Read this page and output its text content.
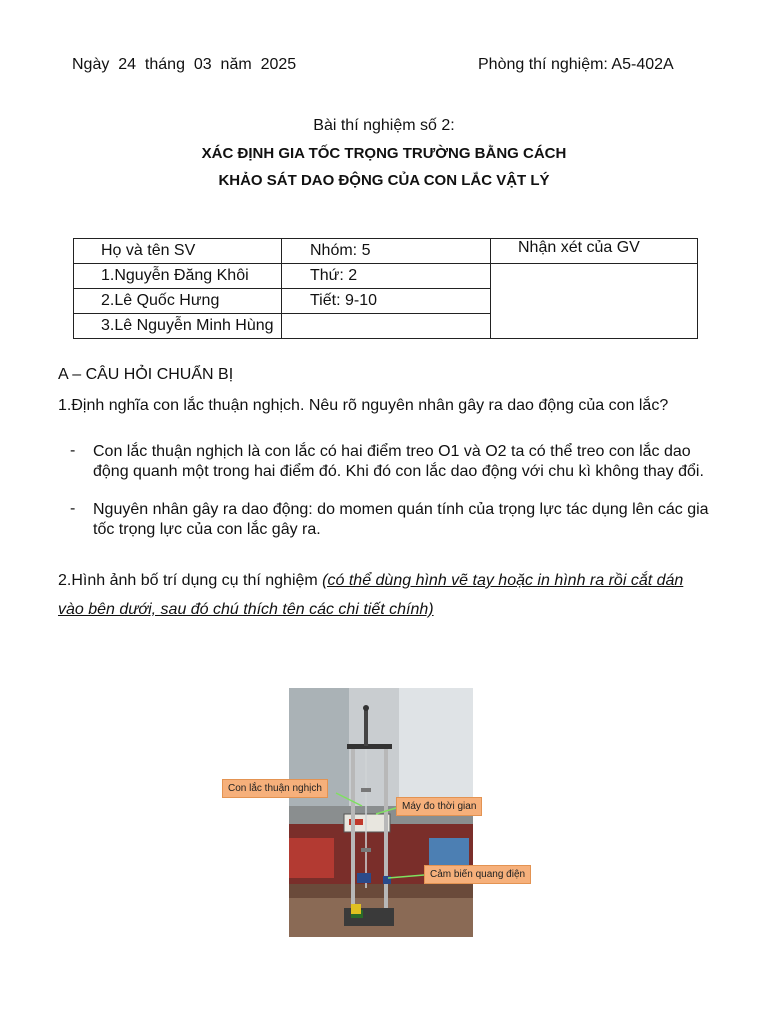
Ngày  24  tháng  03  năm  2025	Phòng thí nghiệm: A5-402A
Bài thí nghiệm số 2:
XÁC ĐỊNH GIA TỐC TRỌNG TRƯỜNG BẰNG CÁCH
KHẢO SÁT DAO ĐỘNG CỦA CON LẮC VẬT LÝ
Họ và tên SV	Nhóm: 5	Nhận xét của GV
1.Nguyễn Đăng Khôi	Thứ: 2	
2.Lê Quốc Hưng	Tiết: 9-10	
3.Lê Nguyễn Minh Hùng		
A – CÂU HỎI CHUẨN BỊ
1.Định nghĩa con lắc thuận nghịch. Nêu rõ nguyên nhân gây ra dao động của con lắc?
- Con lắc thuận nghịch là con lắc có hai điểm treo O1 và O2 ta có thể treo con lắc dao động quanh một trong hai điểm đó. Khi đó con lắc dao động với chu kì không thay đổi.
- Nguyên nhân gây ra dao động: do momen quán tính của trọng lực tác dụng lên các gia tốc trọng lực của con lắc gây ra.
2.Hình ảnh bố trí dụng cụ thí nghiệm (có thể dùng hình vẽ tay hoặc in hình ra rồi cắt dán vào bên dưới, sau đó chú thích tên các chi tiết chính)
Con lắc thuận nghịch
Máy đo thời gian
Cảm biến quang điện
